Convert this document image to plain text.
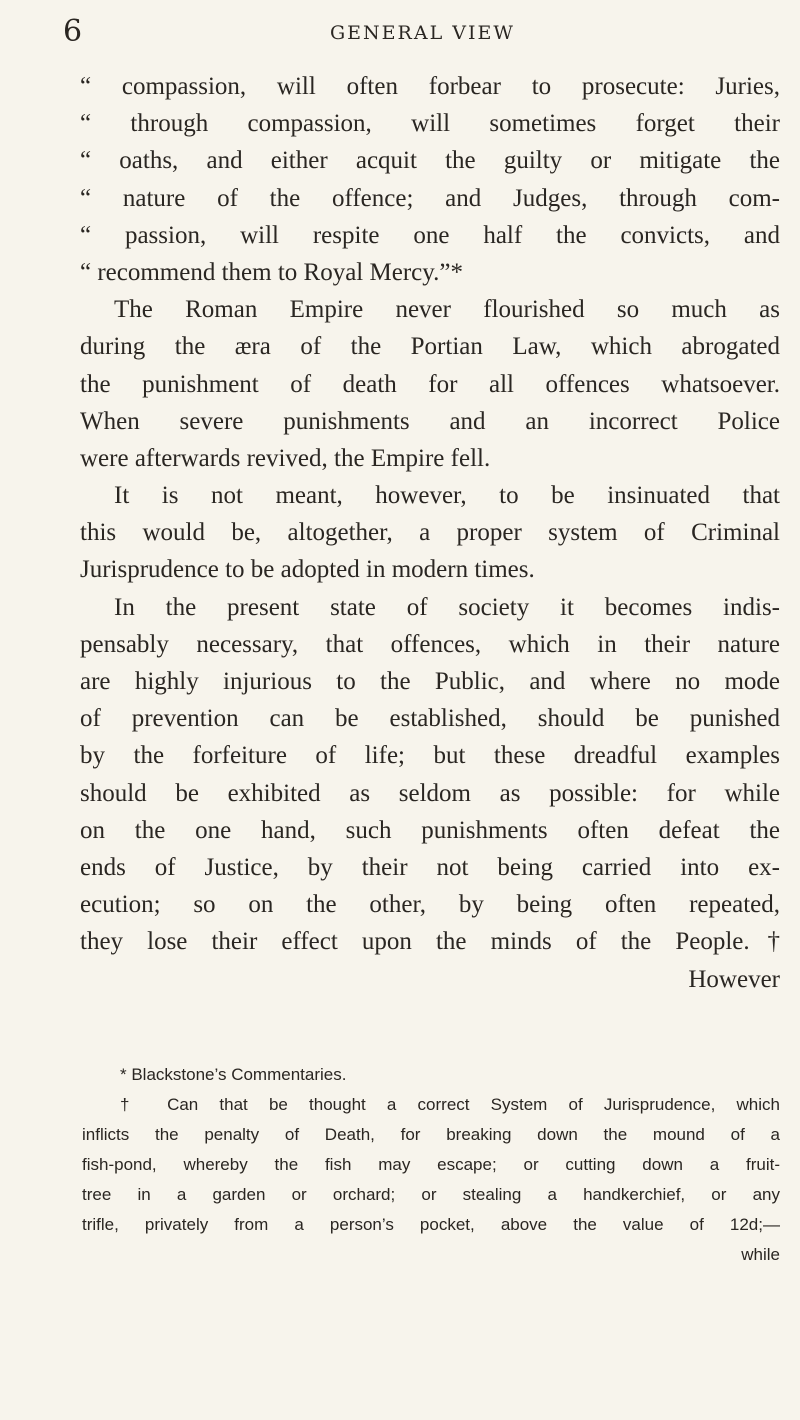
6	GENERAL VIEW
“ compassion, will often forbear to prosecute: Juries,
“ through compassion, will sometimes forget their
“ oaths, and either acquit the guilty or mitigate the
“ nature of the offence; and Judges, through com-
“ passion, will respite one half the convicts, and
“ recommend them to Royal Mercy.”*
The Roman Empire never flourished so much as
during the æra of the Portian Law, which abrogated
the punishment of death for all offences whatsoever.
When severe punishments and an incorrect Police
were afterwards revived, the Empire fell.
It is not meant, however, to be insinuated that
this would be, altogether, a proper system of Criminal
Jurisprudence to be adopted in modern times.
In the present state of society it becomes indis-
pensably necessary, that offences, which in their nature
are highly injurious to the Public, and where no mode
of prevention can be established, should be punished
by the forfeiture of life; but these dreadful examples
should be exhibited as seldom as possible: for while
on the one hand, such punishments often defeat the
ends of Justice, by their not being carried into ex-
ecution; so on the other, by being often repeated,
they lose their effect upon the minds of the People.†
However
* Blackstone’s Commentaries.
† Can that be thought a correct System of Jurisprudence, which
inflicts the penalty of Death, for breaking down the mound of a
fish-pond, whereby the fish may escape; or cutting down a fruit-
tree in a garden or orchard; or stealing a handkerchief, or any
trifle, privately from a person’s pocket, above the value of 12d;—
while
